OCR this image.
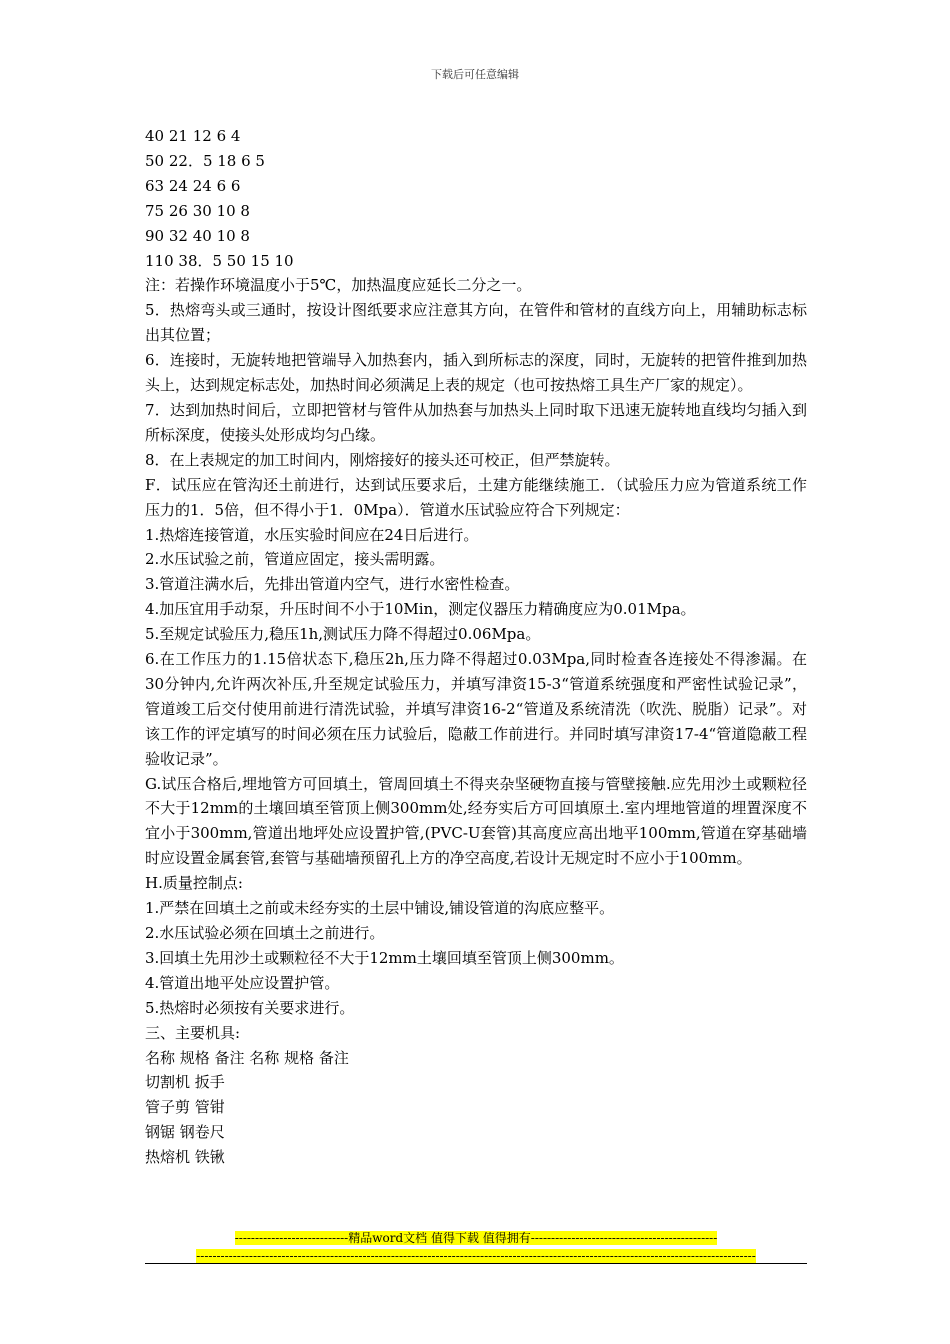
下载后可任意编辑

40 21 12 6 4

50 22．5 18 6 5

63 24 24 6 6

75 26 30 10 8

90 32 40 10 8

110 38．5 50 15 10

注：若操作环境温度小于5℃，加热温度应延长二分之一。

5．热熔弯头或三通时，按设计图纸要求应注意其方向，在管件和管材的直线方向上，用辅助标志标出其位置；

6．连接时，无旋转地把管端导入加热套内，插入到所标志的深度，同时，无旋转的把管件推到加热头上，达到规定标志处，加热时间必须满足上表的规定（也可按热熔工具生产厂家的规定）。

7．达到加热时间后，立即把管材与管件从加热套与加热头上同时取下迅速无旋转地直线均匀插入到所标深度，使接头处形成均匀凸缘。

8．在上表规定的加工时间内，刚熔接好的接头还可校正，但严禁旋转。

F．试压应在管沟还土前进行，达到试压要求后，土建方能继续施工．（试验压力应为管道系统工作压力的1．5倍，但不得小于1．0Mpa）．管道水压试验应符合下列规定：

1.热熔连接管道，水压实验时间应在24日后进行。

2.水压试验之前，管道应固定，接头需明露。

3.管道注满水后，先排出管道内空气，进行水密性检查。

4.加压宜用手动泵，升压时间不小于10Min，测定仪器压力精确度应为0.01Mpa。

5.至规定试验压力,稳压1h,测试压力降不得超过0.06Mpa。

6.在工作压力的1.15倍状态下,稳压2h,压力降不得超过0.03Mpa,同时检查各连接处不得渗漏。在30分钟内,允许两次补压,升至规定试验压力，并填写津资15-3“管道系统强度和严密性试验记录”，管道竣工后交付使用前进行清洗试验，并填写津资16-2“管道及系统清洗（吹洗、脱脂）记录”。对该工作的评定填写的时间必须在压力试验后，隐蔽工作前进行。并同时填写津资17-4“管道隐蔽工程验收记录”。

G.试压合格后,埋地管方可回填土，管周回填土不得夹杂坚硬物直接与管壁接触.应先用沙土或颗粒径不大于12mm的土壤回填至管顶上侧300mm处,经夯实后方可回填原土.室内埋地管道的埋置深度不宜小于300mm,管道出地坪处应设置护管,(PVC-U套管)其高度应高出地平100mm,管道在穿基础墙时应设置金属套管,套管与基础墙预留孔上方的净空高度,若设计无规定时不应小于100mm。

H.质量控制点:

1.严禁在回填土之前或未经夯实的土层中铺设,铺设管道的沟底应整平。

2.水压试验必须在回填土之前进行。

3.回填土先用沙土或颗粒径不大于12mm土壤回填至管顶上侧300mm。

4.管道出地平处应设置护管。

5.热熔时必须按有关要求进行。

三、主要机具:

名称 规格 备注 名称 规格 备注

切割机 扳手

管子剪 管钳

钢锯 钢卷尺

热熔机 铁锹

----------------------------精品word文档 值得下载 值得拥有----------------------------------------------
------------------------------------------------------------------------------------------------------------------------------------------
